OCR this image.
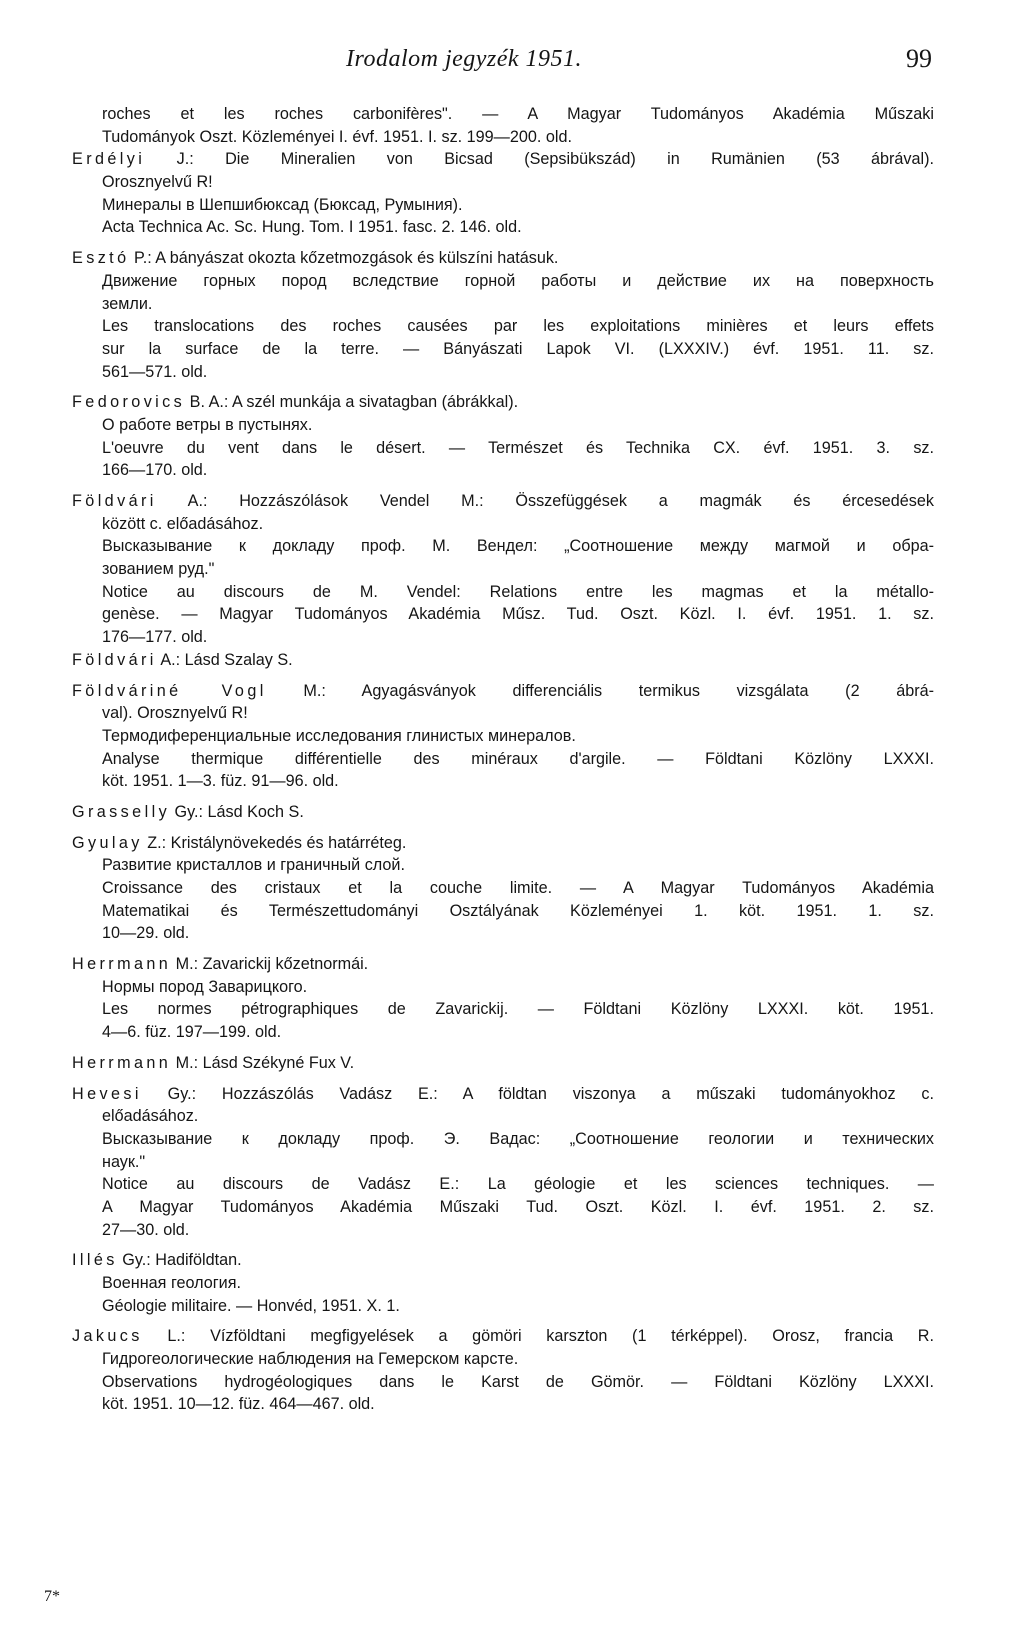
Irodalom jegyzék 1951.	99
roches et les roches carbonifères". — A Magyar Tudományos Akadémia Műszaki
Tudományok Oszt. Közleményei I. évf. 1951. I. sz. 199—200. old.
Erdélyi J.: Die Mineralien von Bicsad (Sepsibükszád) in Rumänien (53 ábrával).
Orosznyelvű R!
Минералы в Шепшибюксад (Бюксад, Румыния).
Acta Technica Ac. Sc. Hung. Tom. I 1951. fasc. 2. 146. old.
Esztó P.: A bányászat okozta kőzetmozgások és külszíni hatásuk.
Движение горных пород вследствие горной работы и действие их на поверхность
земли.
Les translocations des roches causées par les exploitations minières et leurs effets
sur la surface de la terre. — Bányászati Lapok VI. (LXXXIV.) évf. 1951. 11. sz.
561—571. old.
Fedorovics B. A.: A szél munkája a sivatagban (ábrákkal).
О работе ветры в пустынях.
L'oeuvre du vent dans le désert. — Természet és Technika CX. évf. 1951. 3. sz.
166—170. old.
Földvári A.: Hozzászólások Vendel M.: Összefüggések a magmák és ércesedések
között c. előadásához.
Высказывание к докладу проф. М. Вендел: „Соотношение между магмой и обра-
зованием руд."
Notice au discours de M. Vendel: Relations entre les magmas et la métallo-
genèse. — Magyar Tudományos Akadémia Műsz. Tud. Oszt. Közl. I. évf. 1951. 1. sz.
176—177. old.
Földvári A.: Lásd Szalay S.
Földváriné Vogl M.: Agyagásványok differenciális termikus vizsgálata (2 ábrá-
val). Orosznyelvű R!
Термодиференциальные исследования глинистых минералов.
Analyse thermique différentielle des minéraux d'argile. — Földtani Közlöny LXXXI.
köt. 1951. 1—3. füz. 91—96. old.
Grasselly Gy.: Lásd Koch S.
Gyulay Z.: Kristálynövekedés és határréteg.
Развитие кристаллов и граничный слой.
Croissance des cristaux et la couche limite. — A Magyar Tudományos Akadémia
Matematikai és Természettudományi Osztályának Közleményei 1. köt. 1951. 1. sz.
10—29. old.
Herrmann M.: Zavarickij kőzetnormái.
Нормы пород Заварицкого.
Les normes pétrographiques de Zavarickij. — Földtani Közlöny LXXXI. köt. 1951.
4—6. füz. 197—199. old.
Herrmann M.: Lásd Székyné Fux V.
Hevesi Gy.: Hozzászólás Vadász E.: A földtan viszonya a műszaki tudományokhoz c.
előadásához.
Высказывание к докладу проф. Э. Вадас: „Соотношение геологии и технических
наук."
Notice au discours de Vadász E.: La géologie et les sciences techniques. —
A Magyar Tudományos Akadémia Műszaki Tud. Oszt. Közl. I. évf. 1951. 2. sz.
27—30. old.
Illés Gy.: Hadiföldtan.
Военная геология.
Géologie militaire. — Honvéd, 1951. X. 1.
Jakucs L.: Vízföldtani megfigyelések a gömöri karszton (1 térképpel). Orosz, francia R.
Гидрогеологические наблюдения на Гемерском карсте.
Observations hydrogéologiques dans le Karst de Gömör. — Földtani Közlöny LXXXI.
köt. 1951. 10—12. füz. 464—467. old.
7*
